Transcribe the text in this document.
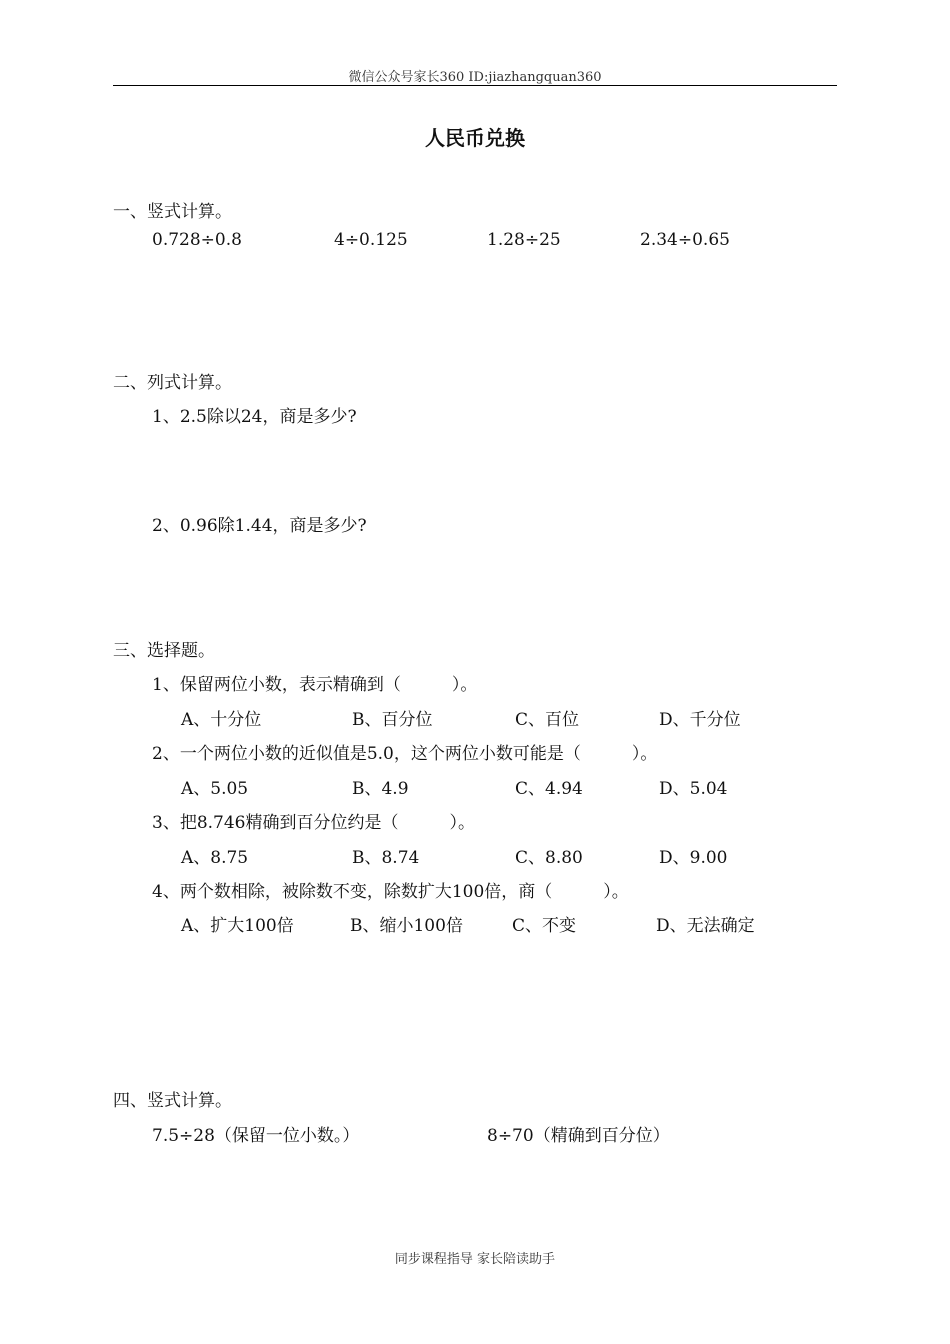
微信公众号家长360 ID:jiazhangquan360
人民币兑换
一、竖式计算。
0.728÷0.8	4÷0.125	1.28÷25	2.34÷0.65
二、列式计算。
1、2.5除以24，商是多少?
2、0.96除1.44，商是多少?
三、选择题。
1、保留两位小数，表示精确到（　　　）。
A、十分位	B、百分位	C、百位	D、千分位
2、一个两位小数的近似值是5.0，这个两位小数可能是（　　　）。
A、5.05	B、4.9	C、4.94	D、5.04
3、把8.746精确到百分位约是（　　　）。
A、8.75	B、8.74	C、8.80	D、9.00
4、两个数相除，被除数不变，除数扩大100倍，商（　　　）。
A、扩大100倍	B、缩小100倍	C、不变	D、无法确定
四、竖式计算。
7.5÷28（保留一位小数。）	8÷70（精确到百分位）
同步课程指导 家长陪读助手
